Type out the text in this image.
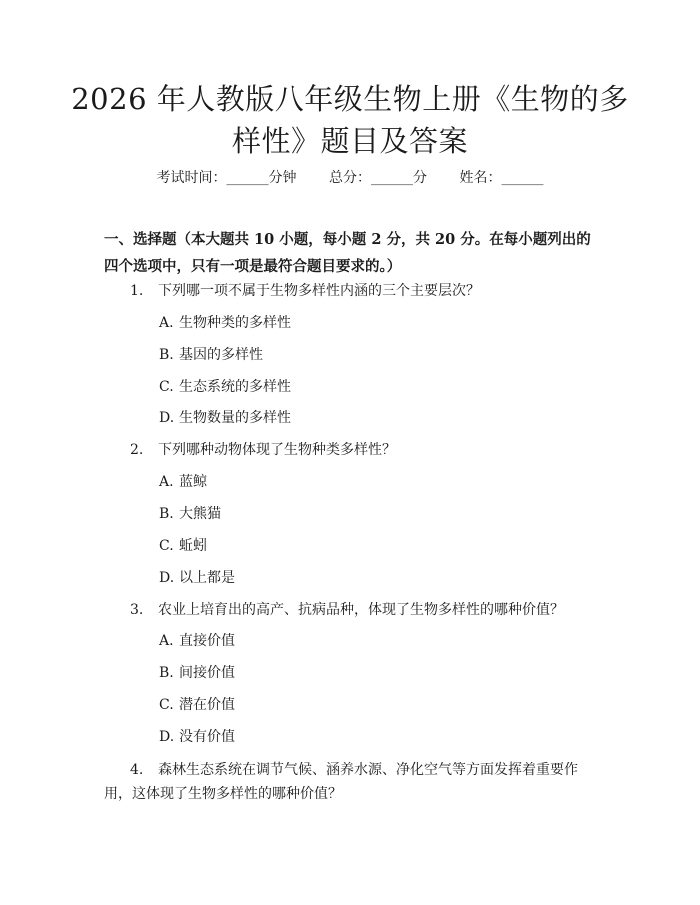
2026 年人教版八年级生物上册《生物的多样性》题目及答案
考试时间：______分钟 总分：______分 姓名：______

一、选择题（本大题共 10 小题，每小题 2 分，共 20 分。在每小题列出的四个选项中，只有一项是最符合题目要求的。）

1. 下列哪一项不属于生物多样性内涵的三个主要层次？
A. 生物种类的多样性
B. 基因的多样性
C. 生态系统的多样性
D. 生物数量的多样性
2. 下列哪种动物体现了生物种类多样性？
A. 蓝鲸
B. 大熊猫
C. 蚯蚓
D. 以上都是
3. 农业上培育出的高产、抗病品种，体现了生物多样性的哪种价值？
A. 直接价值
B. 间接价值
C. 潜在价值
D. 没有价值
4. 森林生态系统在调节气候、涵养水源、净化空气等方面发挥着重要作用，这体现了生物多样性的哪种价值？
